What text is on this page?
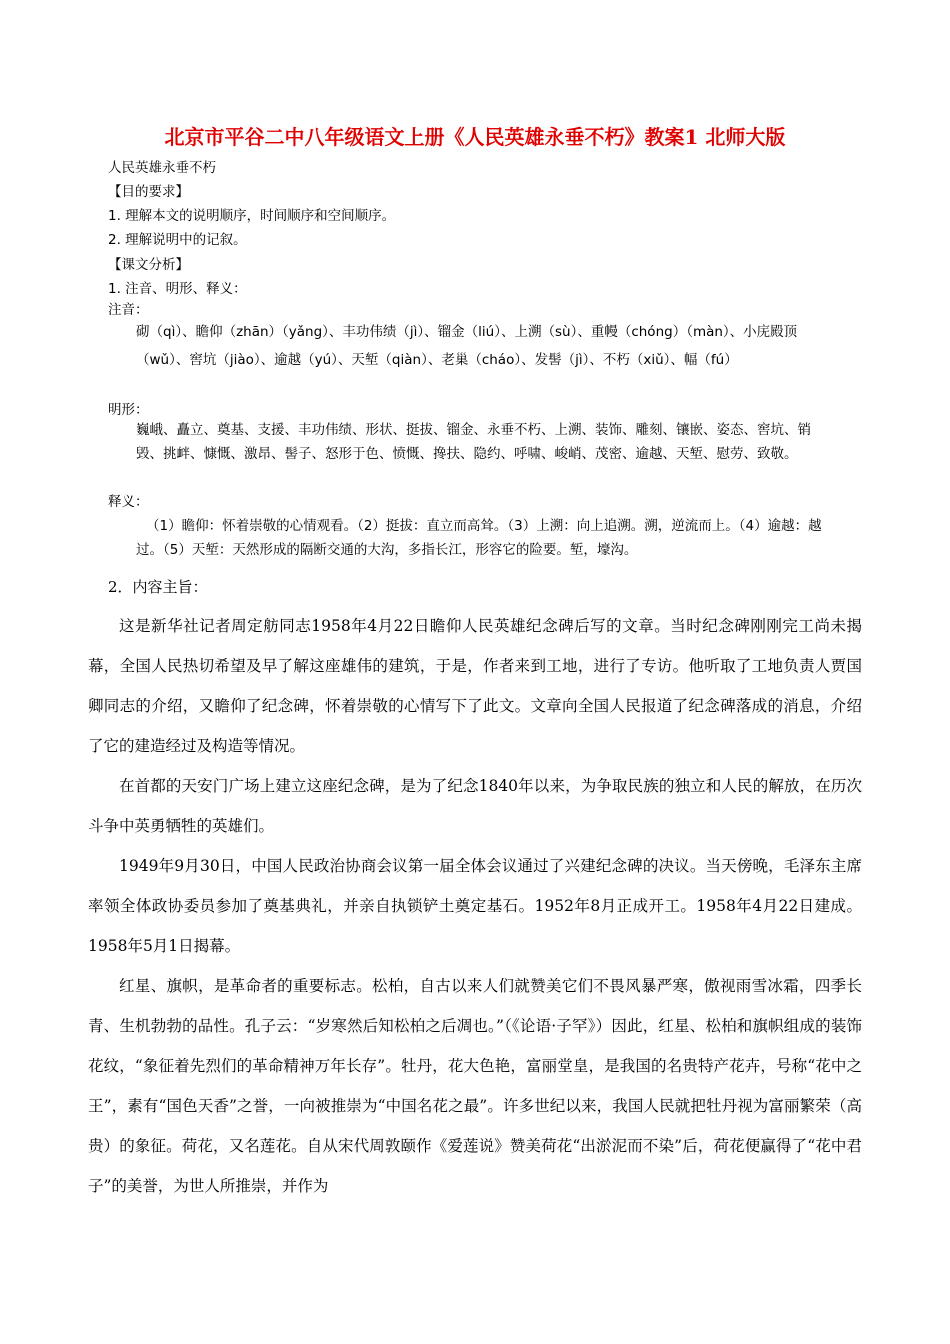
北京市平谷二中八年级语文上册《人民英雄永垂不朽》教案1 北师大版
人民英雄永垂不朽
【目的要求】
1. 理解本文的说明顺序，时间顺序和空间顺序。
2. 理解说明中的记叙。
【课文分析】
1. 注音、明形、释义：
注音：
砌（qì）、瞻仰（zhān）（yǎng）、丰功伟绩（jì）、镏金（liú）、上溯（sù）、重幔（chóng）（màn）、小庑殿顶（wǔ）、窖坑（jiào）、逾越（yú）、天堑（qiàn）、老巢（cháo）、发髻（jì）、不朽（xiǔ）、幅（fú）
明形：
巍峨、矗立、奠基、支援、丰功伟绩、形状、挺拔、镏金、永垂不朽、上溯、装饰、雕刻、镶嵌、姿态、窖坑、销毁、挑衅、慷慨、激昂、髻子、怒形于色、愤慨、搀扶、隐约、呼啸、峻峭、茂密、逾越、天堑、慰劳、致敬。
释义：
（1）瞻仰：怀着崇敬的心情观看。（2）挺拔：直立而高耸。（3）上溯：向上追溯。溯，逆流而上。（4）逾越：越过。（5）天堑：天然形成的隔断交通的大沟，多指长江，形容它的险要。堑，壕沟。
2．内容主旨：

这是新华社记者周定舫同志1958年4月22日瞻仰人民英雄纪念碑后写的文章。当时纪念碑刚刚完工尚未揭幕，全国人民热切希望及早了解这座雄伟的建筑，于是，作者来到工地，进行了专访。他听取了工地负责人贾国卿同志的介绍，又瞻仰了纪念碑，怀着崇敬的心情写下了此文。文章向全国人民报道了纪念碑落成的消息，介绍了它的建造经过及构造等情况。

在首都的天安门广场上建立这座纪念碑，是为了纪念1840年以来，为争取民族的独立和人民的解放，在历次斗争中英勇牺牲的英雄们。

1949年9月30日，中国人民政治协商会议第一届全体会议通过了兴建纪念碑的决议。当天傍晚，毛泽东主席率领全体政协委员参加了奠基典礼，并亲自执锁铲土奠定基石。1952年8月正成开工。1958年4月22日建成。1958年5月1日揭幕。

红星、旗帜，是革命者的重要标志。松柏，自古以来人们就赞美它们不畏风暴严寒，傲视雨雪冰霜，四季长青、生机勃勃的品性。孔子云：“岁寒然后知松柏之后凋也。”（《论语·子罕》）因此，红星、松柏和旗帜组成的装饰花纹，“象征着先烈们的革命精神万年长存”。牡丹，花大色艳，富丽堂皇，是我国的名贵特产花卉，号称“花中之王”，素有“国色天香”之誉，一向被推崇为“中国名花之最”。许多世纪以来，我国人民就把牡丹视为富丽繁荣（高贵）的象征。荷花，又名莲花。自从宋代周敦颐作《爱莲说》赞美荷花“出淤泥而不染”后，荷花便赢得了“花中君子”的美誉，为世人所推崇，并作为
